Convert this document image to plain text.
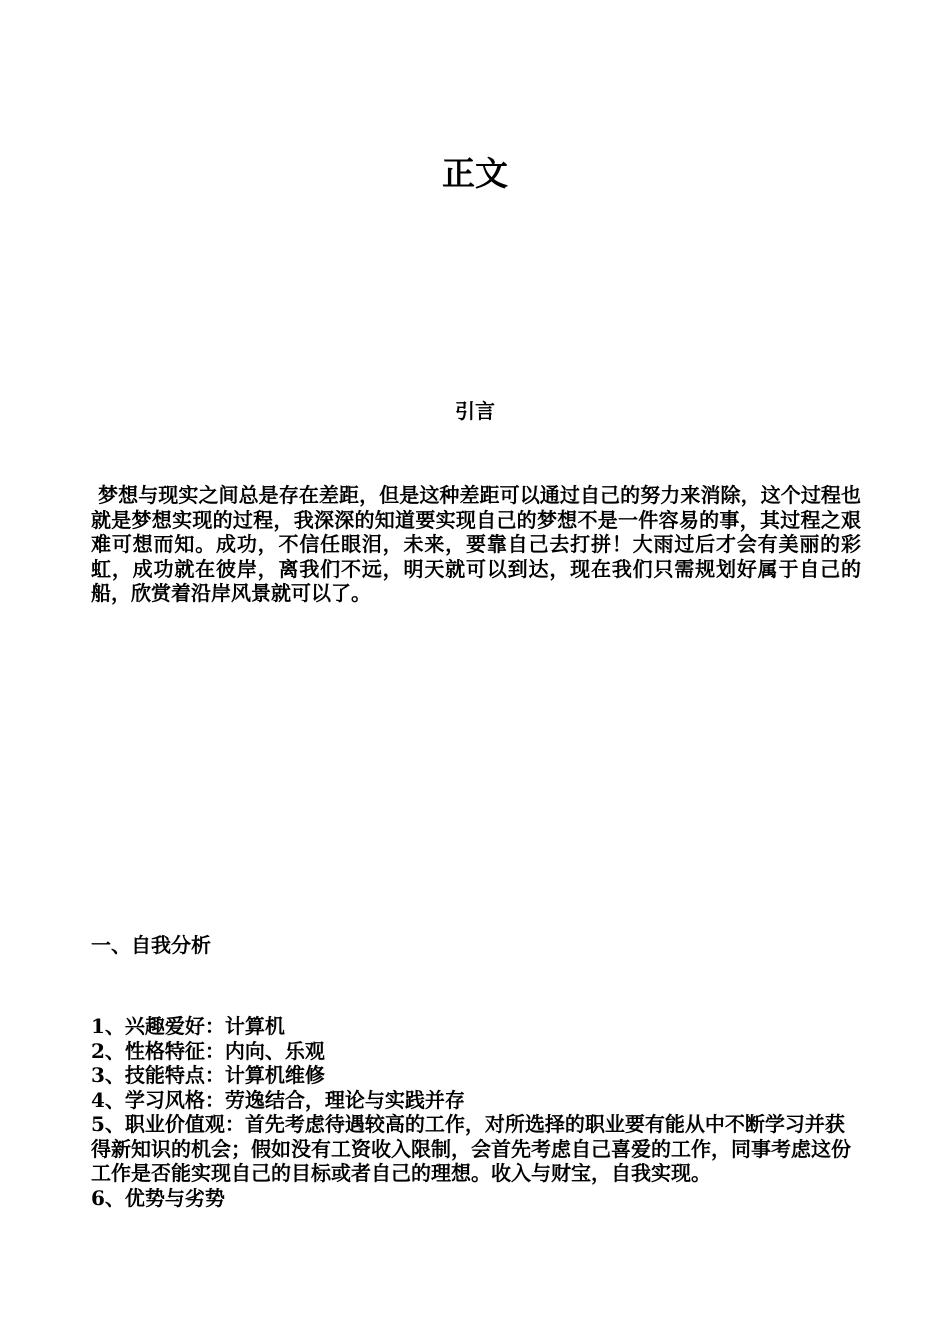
正文
引言

梦想与现实之间总是存在差距，但是这种差距可以通过自己的努力来消除，这个过程也就是梦想实现的过程，我深深的知道要实现自己的梦想不是一件容易的事，其过程之艰难可想而知。成功，不信任眼泪，未来，要靠自己去打拼！大雨过后才会有美丽的彩虹，成功就在彼岸，离我们不远，明天就可以到达，现在我们只需规划好属于自己的船，欣赏着沿岸风景就可以了。

一、自我分析
1、兴趣爱好：计算机
2、性格特征：内向、乐观
3、技能特点：计算机维修
4、学习风格：劳逸结合，理论与实践并存
5、职业价值观：首先考虑待遇较高的工作，对所选择的职业要有能从中不断学习并获得新知识的机会；假如没有工资收入限制，会首先考虑自己喜爱的工作，同事考虑这份工作是否能实现自己的目标或者自己的理想。收入与财宝，自我实现。
6、优势与劣势
